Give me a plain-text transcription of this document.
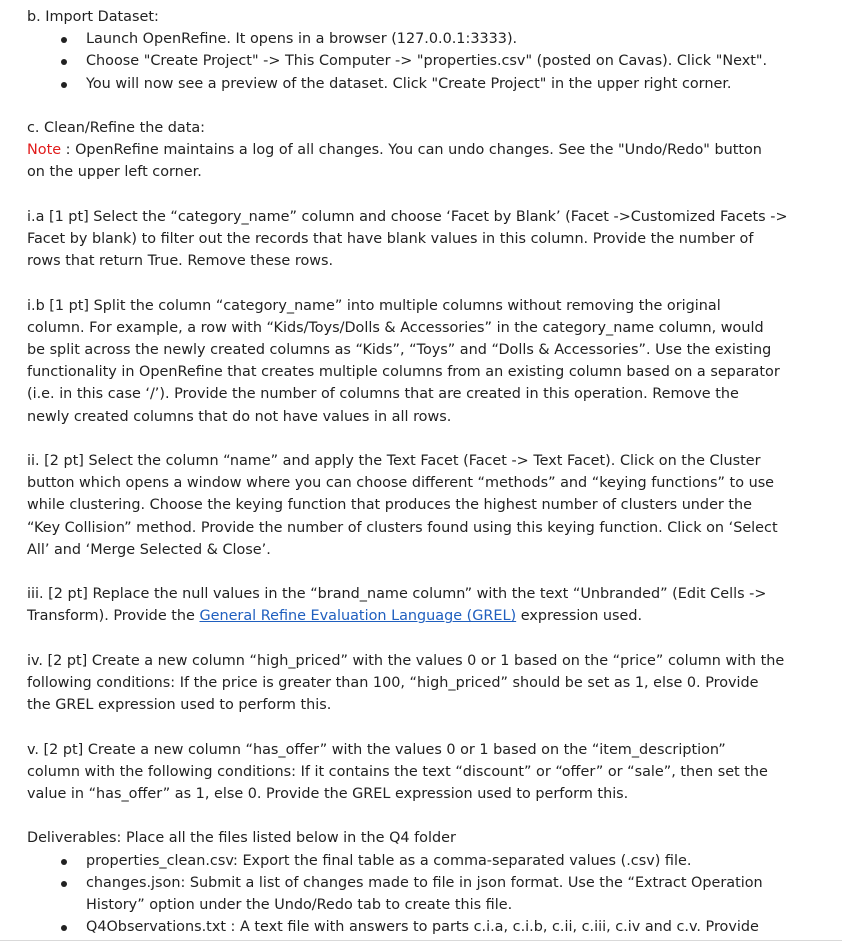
b. Import Dataset:
Launch OpenRefine. It opens in a browser (127.0.0.1:3333).
Choose "Create Project" -> This Computer -> "properties.csv" (posted on Cavas). Click "Next".
You will now see a preview of the dataset. Click "Create Project" in the upper right corner.
c. Clean/Refine the data:
Note : OpenRefine maintains a log of all changes. You can undo changes. See the "Undo/Redo" button
on the upper left corner.
i.a [1 pt] Select the “category_name” column and choose ‘Facet by Blank’ (Facet ->Customized Facets ->
Facet by blank) to filter out the records that have blank values in this column. Provide the number of
rows that return True. Remove these rows.
i.b [1 pt] Split the column “category_name” into multiple columns without removing the original
column. For example, a row with “Kids/Toys/Dolls & Accessories” in the category_name column, would
be split across the newly created columns as “Kids”, “Toys” and “Dolls & Accessories”. Use the existing
functionality in OpenRefine that creates multiple columns from an existing column based on a separator
(i.e. in this case ‘/’). Provide the number of columns that are created in this operation. Remove the
newly created columns that do not have values in all rows.
ii. [2 pt] Select the column “name” and apply the Text Facet (Facet -> Text Facet). Click on the Cluster
button which opens a window where you can choose different “methods” and “keying functions” to use
while clustering. Choose the keying function that produces the highest number of clusters under the
“Key Collision” method. Provide the number of clusters found using this keying function. Click on ‘Select
All’ and ‘Merge Selected & Close’.
iii. [2 pt] Replace the null values in the “brand_name column” with the text “Unbranded” (Edit Cells ->
Transform). Provide the General Refine Evaluation Language (GREL) expression used.
iv. [2 pt] Create a new column “high_priced” with the values 0 or 1 based on the “price” column with the
following conditions: If the price is greater than 100, “high_priced” should be set as 1, else 0. Provide
the GREL expression used to perform this.
v. [2 pt] Create a new column “has_offer” with the values 0 or 1 based on the “item_description”
column with the following conditions: If it contains the text “discount” or “offer” or “sale”, then set the
value in “has_offer” as 1, else 0. Provide the GREL expression used to perform this.
Deliverables: Place all the files listed below in the Q4 folder
properties_clean.csv: Export the final table as a comma-separated values (.csv) file.
changes.json: Submit a list of changes made to file in json format. Use the “Extract Operation
History” option under the Undo/Redo tab to create this file.
Q4Observations.txt : A text file with answers to parts c.i.a, c.i.b, c.ii, c.iii, c.iv and c.v. Provide
